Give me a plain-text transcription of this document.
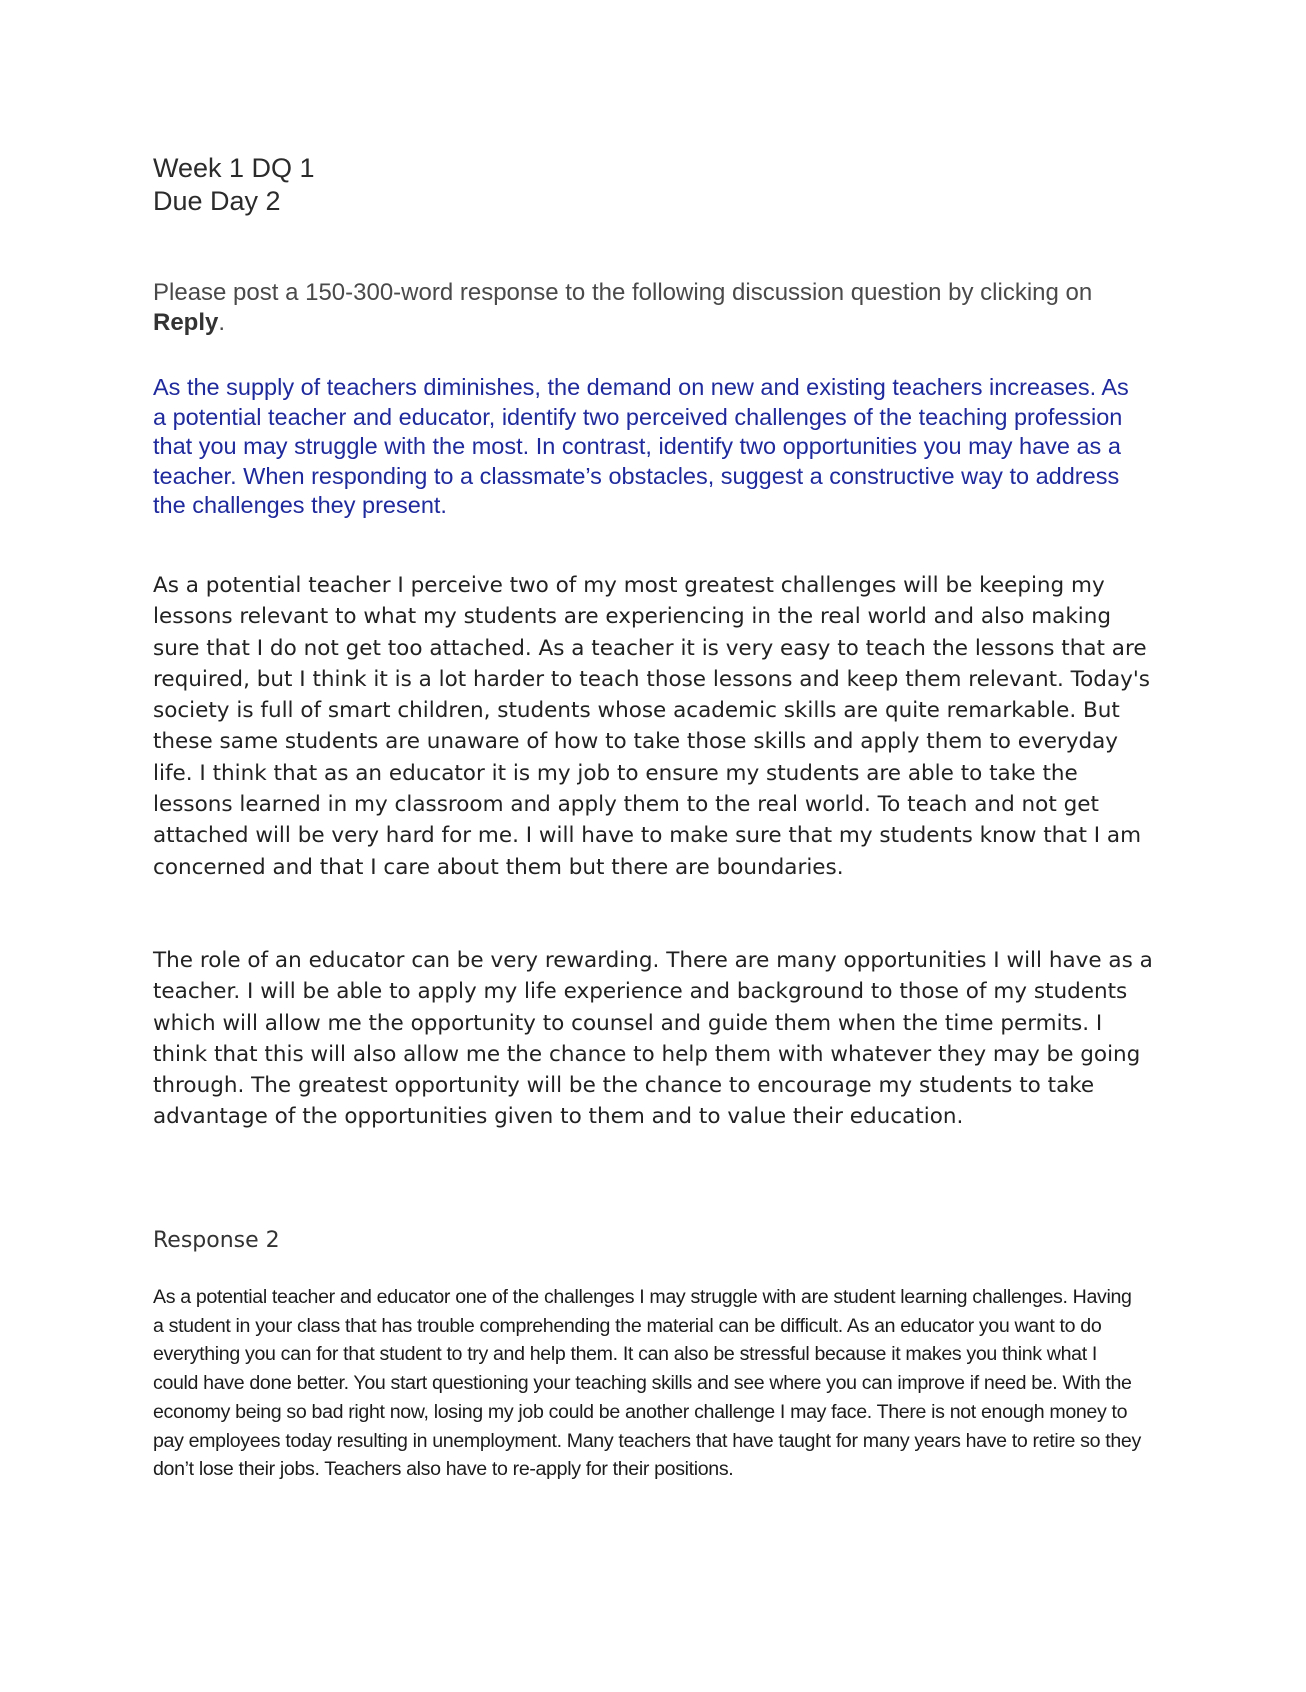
Week 1 DQ 1
Due Day 2

Please post a 150-300-word response to the following discussion question by clicking on Reply.

As the supply of teachers diminishes, the demand on new and existing teachers increases. As a potential teacher and educator, identify two perceived challenges of the teaching profession that you may struggle with the most. In contrast, identify two opportunities you may have as a teacher. When responding to a classmate’s obstacles, suggest a constructive way to address the challenges they present.

As a potential teacher I perceive two of my most greatest challenges will be keeping my lessons relevant to what my students are experiencing in the real world and also making sure that I do not get too attached. As a teacher it is very easy to teach the lessons that are required, but I think it is a lot harder to teach those lessons and keep them relevant. Today's society is full of smart children, students whose academic skills are quite remarkable. But these same students are unaware of how to take those skills and apply them to everyday life. I think that as an educator it is my job to ensure my students are able to take the lessons learned in my classroom and apply them to the real world. To teach and not get attached will be very hard for me. I will have to make sure that my students know that I am concerned and that I care about them but there are boundaries.

The role of an educator can be very rewarding. There are many opportunities I will have as a teacher. I will be able to apply my life experience and background to those of my students which will allow me the opportunity to counsel and guide them when the time permits. I think that this will also allow me the chance to help them with whatever they may be going through. The greatest opportunity will be the chance to encourage my students to take advantage of the opportunities given to them and to value their education.

Response 2

As a potential teacher and educator one of the challenges I may struggle with are student learning challenges. Having a student in your class that has trouble comprehending the material can be difficult. As an educator you want to do everything you can for that student to try and help them. It can also be stressful because it makes you think what I could have done better. You start questioning your teaching skills and see where you can improve if need be. With the economy being so bad right now, losing my job could be another challenge I may face. There is not enough money to pay employees today resulting in unemployment. Many teachers that have taught for many years have to retire so they don’t lose their jobs. Teachers also have to re-apply for their positions.
